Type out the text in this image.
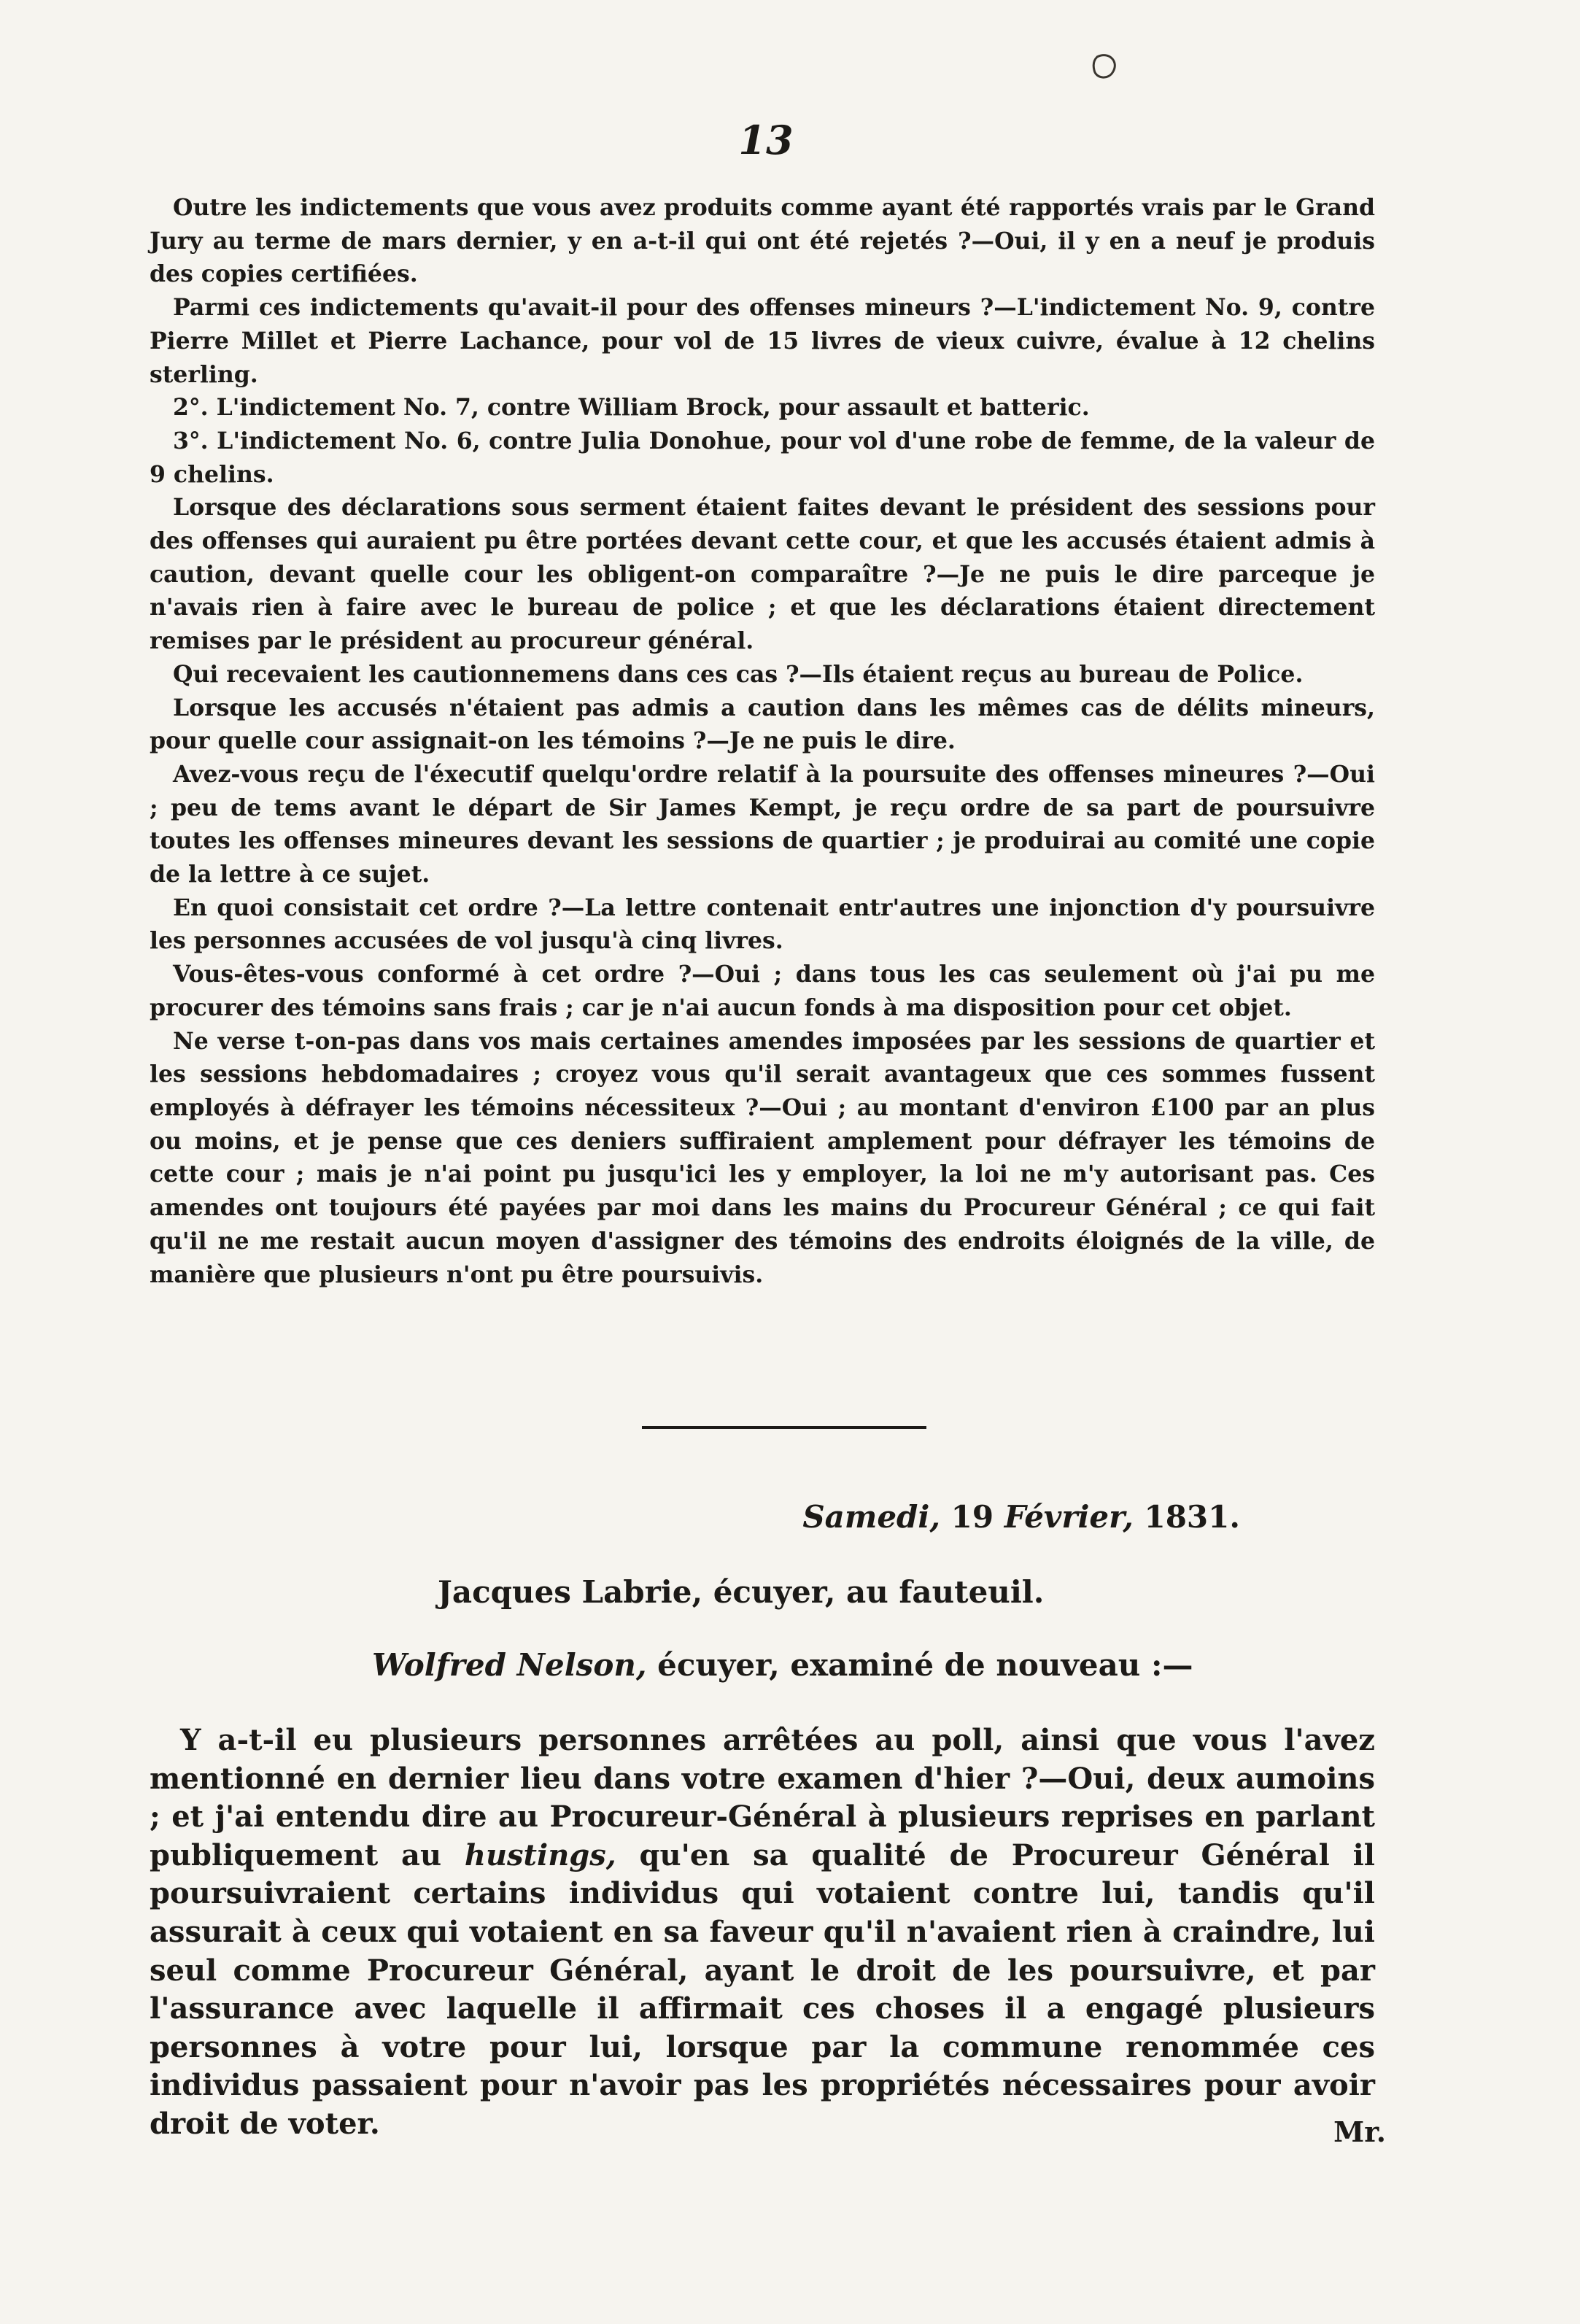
13

Outre les indictements que vous avez produits comme ayant été rapportés vrais par le Grand Jury au terme de mars dernier, y en a-t-il qui ont été rejetés ?—Oui, il y en a neuf je produis des copies certifiées.

Parmi ces indictements qu'avait-il pour des offenses mineurs ?—L'indictement No. 9, contre Pierre Millet et Pierre Lachance, pour vol de 15 livres de vieux cuivre, évalue à 12 chelins sterling.

2°. L'indictement No. 7, contre William Brock, pour assault et batteric.

3°. L'indictement No. 6, contre Julia Donohue, pour vol d'une robe de femme, de la valeur de 9 chelins.

Lorsque des déclarations sous serment étaient faites devant le président des sessions pour des offenses qui auraient pu être portées devant cette cour, et que les accusés étaient admis à caution, devant quelle cour les obligent-on comparaître ?—Je ne puis le dire parceque je n'avais rien à faire avec le bureau de police ; et que les déclarations étaient directement remises par le président au procureur général.

Qui recevaient les cautionnemens dans ces cas ?—Ils étaient reçus au bureau de Police.

Lorsque les accusés n'étaient pas admis a caution dans les mêmes cas de délits mineurs, pour quelle cour assignait-on les témoins ?—Je ne puis le dire.

Avez-vous reçu de l'éxecutif quelqu'ordre relatif à la poursuite des offenses mineures ?—Oui ; peu de tems avant le départ de Sir James Kempt, je reçu ordre de sa part de poursuivre toutes les offenses mineures devant les sessions de quartier ; je produirai au comité une copie de la lettre à ce sujet.

En quoi consistait cet ordre ?—La lettre contenait entr'autres une injonction d'y poursuivre les personnes accusées de vol jusqu'à cinq livres.

Vous-êtes-vous conformé à cet ordre ?—Oui ; dans tous les cas seulement où j'ai pu me procurer des témoins sans frais ; car je n'ai aucun fonds à ma disposition pour cet objet.

Ne verse t-on-pas dans vos mais certaines amendes imposées par les sessions de quartier et les sessions hebdomadaires ; croyez vous qu'il serait avantageux que ces sommes fussent employés à défrayer les témoins nécessiteux ?—Oui ; au montant d'environ £100 par an plus ou moins, et je pense que ces deniers suffiraient amplement pour défrayer les témoins de cette cour ; mais je n'ai point pu jusqu'ici les y employer, la loi ne m'y autorisant pas. Ces amendes ont toujours été payées par moi dans les mains du Procureur Général ; ce qui fait qu'il ne me restait aucun moyen d'assigner des témoins des endroits éloignés de la ville, de manière que plusieurs n'ont pu être poursuivis.

Samedi, 19 Février, 1831.
Jacques Labrie, écuyer, au fauteuil.
Wolfred Nelson, écuyer, examiné de nouveau :—

Y a-t-il eu plusieurs personnes arrêtées au poll, ainsi que vous l'avez mentionné en dernier lieu dans votre examen d'hier ?—Oui, deux aumoins ; et j'ai entendu dire au Procureur-Général à plusieurs reprises en parlant publiquement au hustings, qu'en sa qualité de Procureur Général il poursuivraient certains individus qui votaient contre lui, tandis qu'il assurait à ceux qui votaient en sa faveur qu'il n'avaient rien à craindre, lui seul comme Procureur Général, ayant le droit de les poursuivre, et par l'assurance avec laquelle il affirmait ces choses il a engagé plusieurs personnes à votre pour lui, lorsque par la commune renommée ces individus passaient pour n'avoir pas les propriétés nécessaires pour avoir droit de voter.	Mr.
